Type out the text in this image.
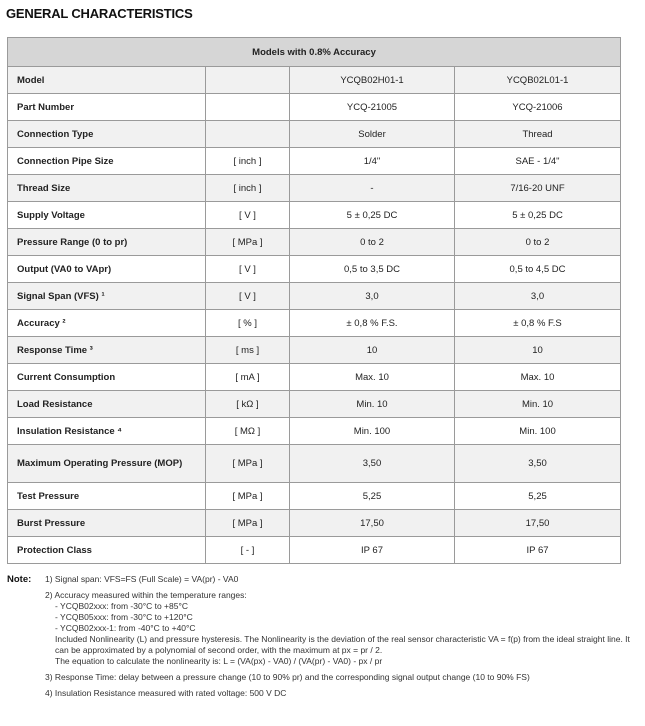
GENERAL CHARACTERISTICS
Models with 0.8% Accuracy			
Model		YCQB02H01-1	YCQB02L01-1
Part Number		YCQ-21005	YCQ-21006
Connection Type		Solder	Thread
Connection Pipe Size	[ inch ]	1/4"	SAE - 1/4"
Thread Size	[ inch ]	-	7/16-20 UNF
Supply Voltage	[ V ]	5 ± 0,25 DC	5 ± 0,25 DC
Pressure Range (0 to pr)	[ MPa ]	0 to 2	0 to 2
Output (VA0 to VApr)	[ V ]	0,5 to 3,5 DC	0,5 to 4,5 DC
Signal Span (VFS) ¹	[ V ]	3,0	3,0
Accuracy ²	[ % ]	± 0,8 % F.S.	± 0,8 % F.S
Response Time ³	[ ms ]	10	10
Current Consumption	[ mA ]	Max. 10	Max. 10
Load Resistance	[ kΩ ]	Min. 10	Min. 10
Insulation Resistance ⁴	[ MΩ ]	Min. 100	Min. 100
Maximum Operating Pressure (MOP)	[ MPa ]	3,50	3,50
Test Pressure	[ MPa ]	5,25	5,25
Burst Pressure	[ MPa ]	17,50	17,50
Protection Class	[ - ]	IP 67	IP 67
Note: 1) Signal span: VFS=FS (Full Scale) = VA(pr) - VA0
2) Accuracy measured within the temperature ranges:
- YCQB02xxx: from -30°C to +85°C
- YCQB05xxx: from -30°C to +120°C
- YCQB02xxx-1: from -40°C to +40°C
Included Nonlinearity (L) and pressure hysteresis. The Nonlinearity is the deviation of the real sensor characteristic VA = f(p) from the ideal straight line. It can be approximated by a polynomial of second order, with the maximum at px = pr / 2.
The equation to calculate the nonlinearity is: L = (VA(px) - VA0) / (VA(pr) - VA0) - px / pr
3) Response Time: delay between a pressure change (10 to 90% pr) and the corresponding signal output change (10 to 90% FS)
4) Insulation Resistance measured with rated voltage: 500 V DC
